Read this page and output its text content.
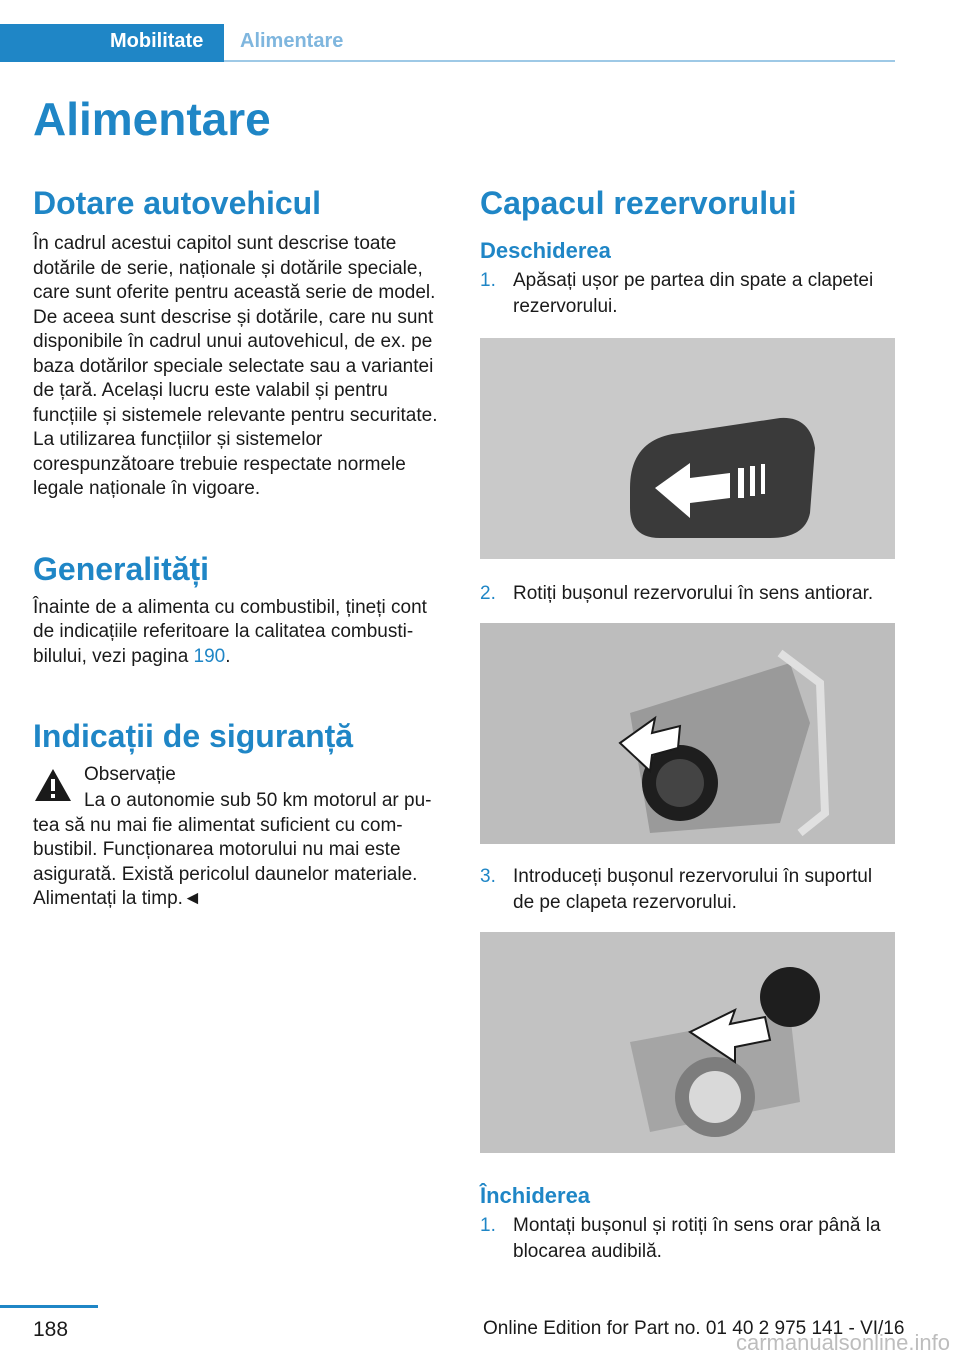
Mobilitate	Alimentare
Alimentare
Dotare autovehicul

În cadrul acestui capitol sunt descrise toate dotările de serie, naționale și dotările speciale, care sunt oferite pentru această serie de model. De aceea sunt descrise și dotările, care nu sunt disponibile în cadrul unui autovehicul, de ex. pe baza dotărilor speciale selectate sau a variantei de țară. Același lucru este valabil și pentru funcțiile și sistemele relevante pentru securitate. La utilizarea funcțiilor și sistemelor corespunzătoare trebuie respectate normele legale naționale în vigoare.

Generalități

Înainte de a alimenta cu combustibil, țineți cont de indicațiile referitoare la calitatea combustibilului, vezi pagina 190.

Indicații de siguranță
Observație

La o autonomie sub 50 km motorul ar putea să nu mai fie alimentat suficient cu combustibil. Funcționarea motorului nu mai este asigurată. Există pericolul daunelor materiale. Alimentați la timp.◄

Capacul rezervorului
Deschiderea
1. Apăsați ușor pe partea din spate a clapetei rezervorului.
2. Rotiți bușonul rezervorului în sens antiorar.
3. Introduceți bușonul rezervorului în suportul de pe clapeta rezervorului.
Închiderea
1. Montați bușonul și rotiți în sens orar până la blocarea audibilă.
188	Online Edition for Part no. 01 40 2 975 141 - VI/16
carmanualsonline.info
